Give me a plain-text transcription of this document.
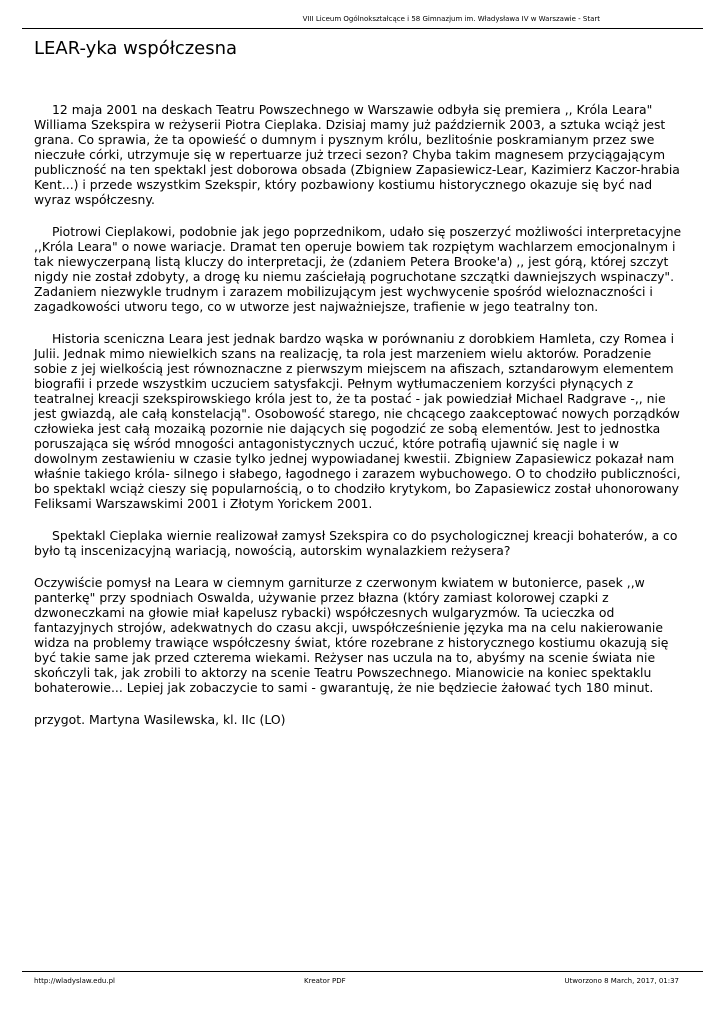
VIII Liceum Ogólnokształcące i 58 Gimnazjum im. Władysława IV w Warszawie - Start
LEAR-yka współczesna

12 maja 2001 na deskach Teatru Powszechnego w Warszawie odbyła się premiera ,, Króla Leara" Williama Szekspira w reżyserii Piotra Cieplaka. Dzisiaj mamy już październik 2003, a sztuka wciąż jest grana. Co sprawia, że ta opowieść o dumnym i pysznym królu, bezlitośnie poskramianym przez swe nieczułe córki, utrzymuje się w repertuarze już trzeci sezon? Chyba takim magnesem przyciągającym publiczność na ten spektakl jest doborowa obsada (Zbigniew Zapasiewicz-Lear, Kazimierz Kaczor-hrabia Kent...) i przede wszystkim Szekspir, który pozbawiony kostiumu historycznego okazuje się być nad wyraz współczesny.

Piotrowi Cieplakowi, podobnie jak jego poprzednikom, udało się poszerzyć możliwości interpretacyjne ,,Króla Leara" o nowe wariacje. Dramat ten operuje bowiem tak rozpiętym wachlarzem emocjonalnym i tak niewyczerpaną listą kluczy do interpretacji, że (zdaniem Petera Brooke'a) ,, jest górą, której szczyt nigdy nie został zdobyty, a drogę ku niemu zaściełają pogruchotane szczątki dawniejszych wspinaczy". Zadaniem niezwykle trudnym i zarazem mobilizującym jest wychwycenie spośród wieloznaczności i zagadkowości utworu tego, co w utworze jest najważniejsze, trafienie w jego teatralny ton.

Historia sceniczna Leara jest jednak bardzo wąska w porównaniu z dorobkiem Hamleta, czy Romea i Julii. Jednak mimo niewielkich szans na realizację, ta rola jest marzeniem wielu aktorów. Poradzenie sobie z jej wielkością jest równoznaczne z pierwszym miejscem na afiszach, sztandarowym elementem biografii i przede wszystkim uczuciem satysfakcji. Pełnym wytłumaczeniem korzyści płynących z teatralnej kreacji szekspirowskiego króla jest to, że ta postać - jak powiedział Michael Radgrave -,, nie jest gwiazdą, ale całą konstelacją". Osobowość starego, nie chcącego zaakceptować nowych porządków człowieka jest całą mozaiką pozornie nie dających się pogodzić ze sobą elementów. Jest to jednostka poruszająca się wśród mnogości antagonistycznych uczuć, które potrafią ujawnić się nagle i w dowolnym zestawieniu w czasie tylko jednej wypowiadanej kwestii. Zbigniew Zapasiewicz pokazał nam właśnie takiego króla- silnego i słabego, łagodnego i zarazem wybuchowego. O to chodziło publiczności, bo spektakl wciąż cieszy się popularnością, o to chodziło krytykom, bo Zapasiewicz został uhonorowany Feliksami Warszawskimi 2001 i Złotym Yorickem 2001.

Spektakl Cieplaka wiernie realizował zamysł Szekspira co do psychologicznej kreacji bohaterów, a co było tą inscenizacyjną wariacją, nowością, autorskim wynalazkiem reżysera?

Oczywiście pomysł na Leara w ciemnym garniturze z czerwonym kwiatem w butonierce, pasek ,,w panterkę" przy spodniach Oswalda, używanie przez błazna (który zamiast kolorowej czapki z dzwoneczkami na głowie miał kapelusz rybacki) współczesnych wulgaryzmów. Ta ucieczka od fantazyjnych strojów, adekwatnych do czasu akcji, uwspółcześnienie języka ma na celu nakierowanie widza na problemy trawiące współczesny świat, które rozebrane z historycznego kostiumu okazują się być takie same jak przed czterema wiekami. Reżyser nas uczula na to, abyśmy na scenie świata nie skończyli tak, jak zrobili to aktorzy na scenie Teatru Powszechnego. Mianowicie na koniec spektaklu bohaterowie... Lepiej jak zobaczycie to sami - gwarantuję, że nie będziecie żałować tych 180 minut.

przygot. Martyna Wasilewska, kl. IIc (LO)

http://wladyslaw.edu.pl	Kreator PDF	Utworzono 8 March, 2017, 01:37
